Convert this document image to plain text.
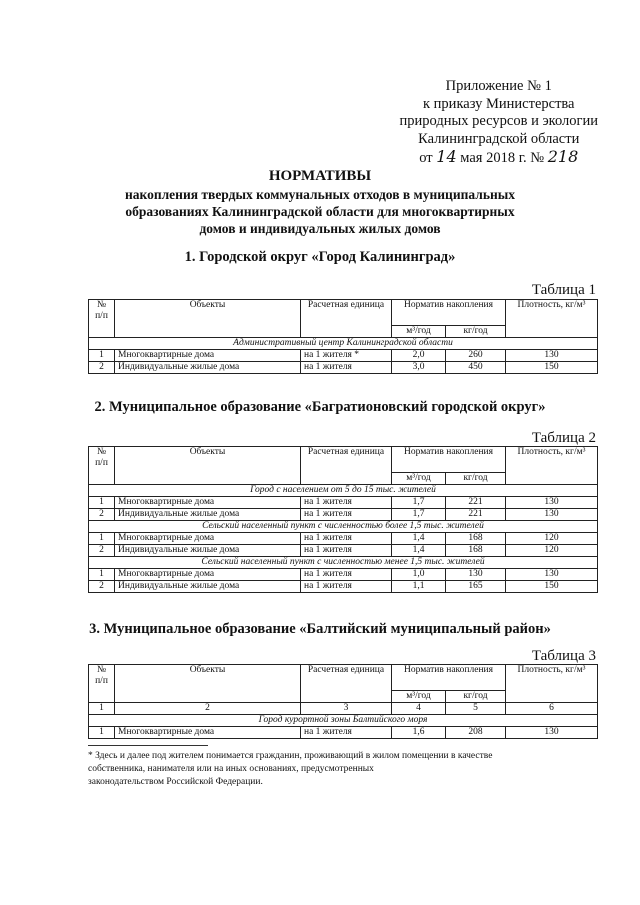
Приложение № 1
к приказу Министерства
природных ресурсов и экологии
Калининградской области
от 14 мая 2018 г. № 218
НОРМАТИВЫ
накопления твердых коммунальных отходов в муниципальных
образованиях Калининградской области для многоквартирных
домов и индивидуальных жилых домов
1. Городской округ «Город Калининград»
Таблица 1
№ п/п	Объекты	Расчетная единица	Норматив накопления		Плотность, кг/м³
			м³/год	кг/год	
Административный центр Калининградской области					
1	Многоквартирные дома	на 1 жителя *	2,0	260	130
2	Индивидуальные жилые дома	на 1 жителя	3,0	450	150
2. Муниципальное образование «Багратионовский городской округ»
Таблица 2
№ п/п	Объекты	Расчетная единица	Норматив накопления		Плотность, кг/м³
			м³/год	кг/год	
Город с населением от 5 до 15 тыс. жителей					
1	Многоквартирные дома	на 1 жителя	1,7	221	130
2	Индивидуальные жилые дома	на 1 жителя	1,7	221	130
Сельский населенный пункт с численностью более 1,5 тыс. жителей					
1	Многоквартирные дома	на 1 жителя	1,4	168	120
2	Индивидуальные жилые дома	на 1 жителя	1,4	168	120
Сельский населенный пункт с численностью менее 1,5 тыс. жителей					
1	Многоквартирные дома	на 1 жителя	1,0	130	130
2	Индивидуальные жилые дома	на 1 жителя	1,1	165	150
3. Муниципальное образование «Балтийский муниципальный район»
Таблица 3
№ п/п	Объекты	Расчетная единица	Норматив накопления		Плотность, кг/м³
			м³/год	кг/год	
1	2	3	4	5	6
Город курортной зоны Балтийского моря					
1	Многоквартирные дома	на 1 жителя	1,6	208	130
* Здесь и далее под жителем понимается гражданин, проживающий в жилом помещении в качестве
собственника, нанимателя или на иных основаниях, предусмотренных
законодательством Российской Федерации.
